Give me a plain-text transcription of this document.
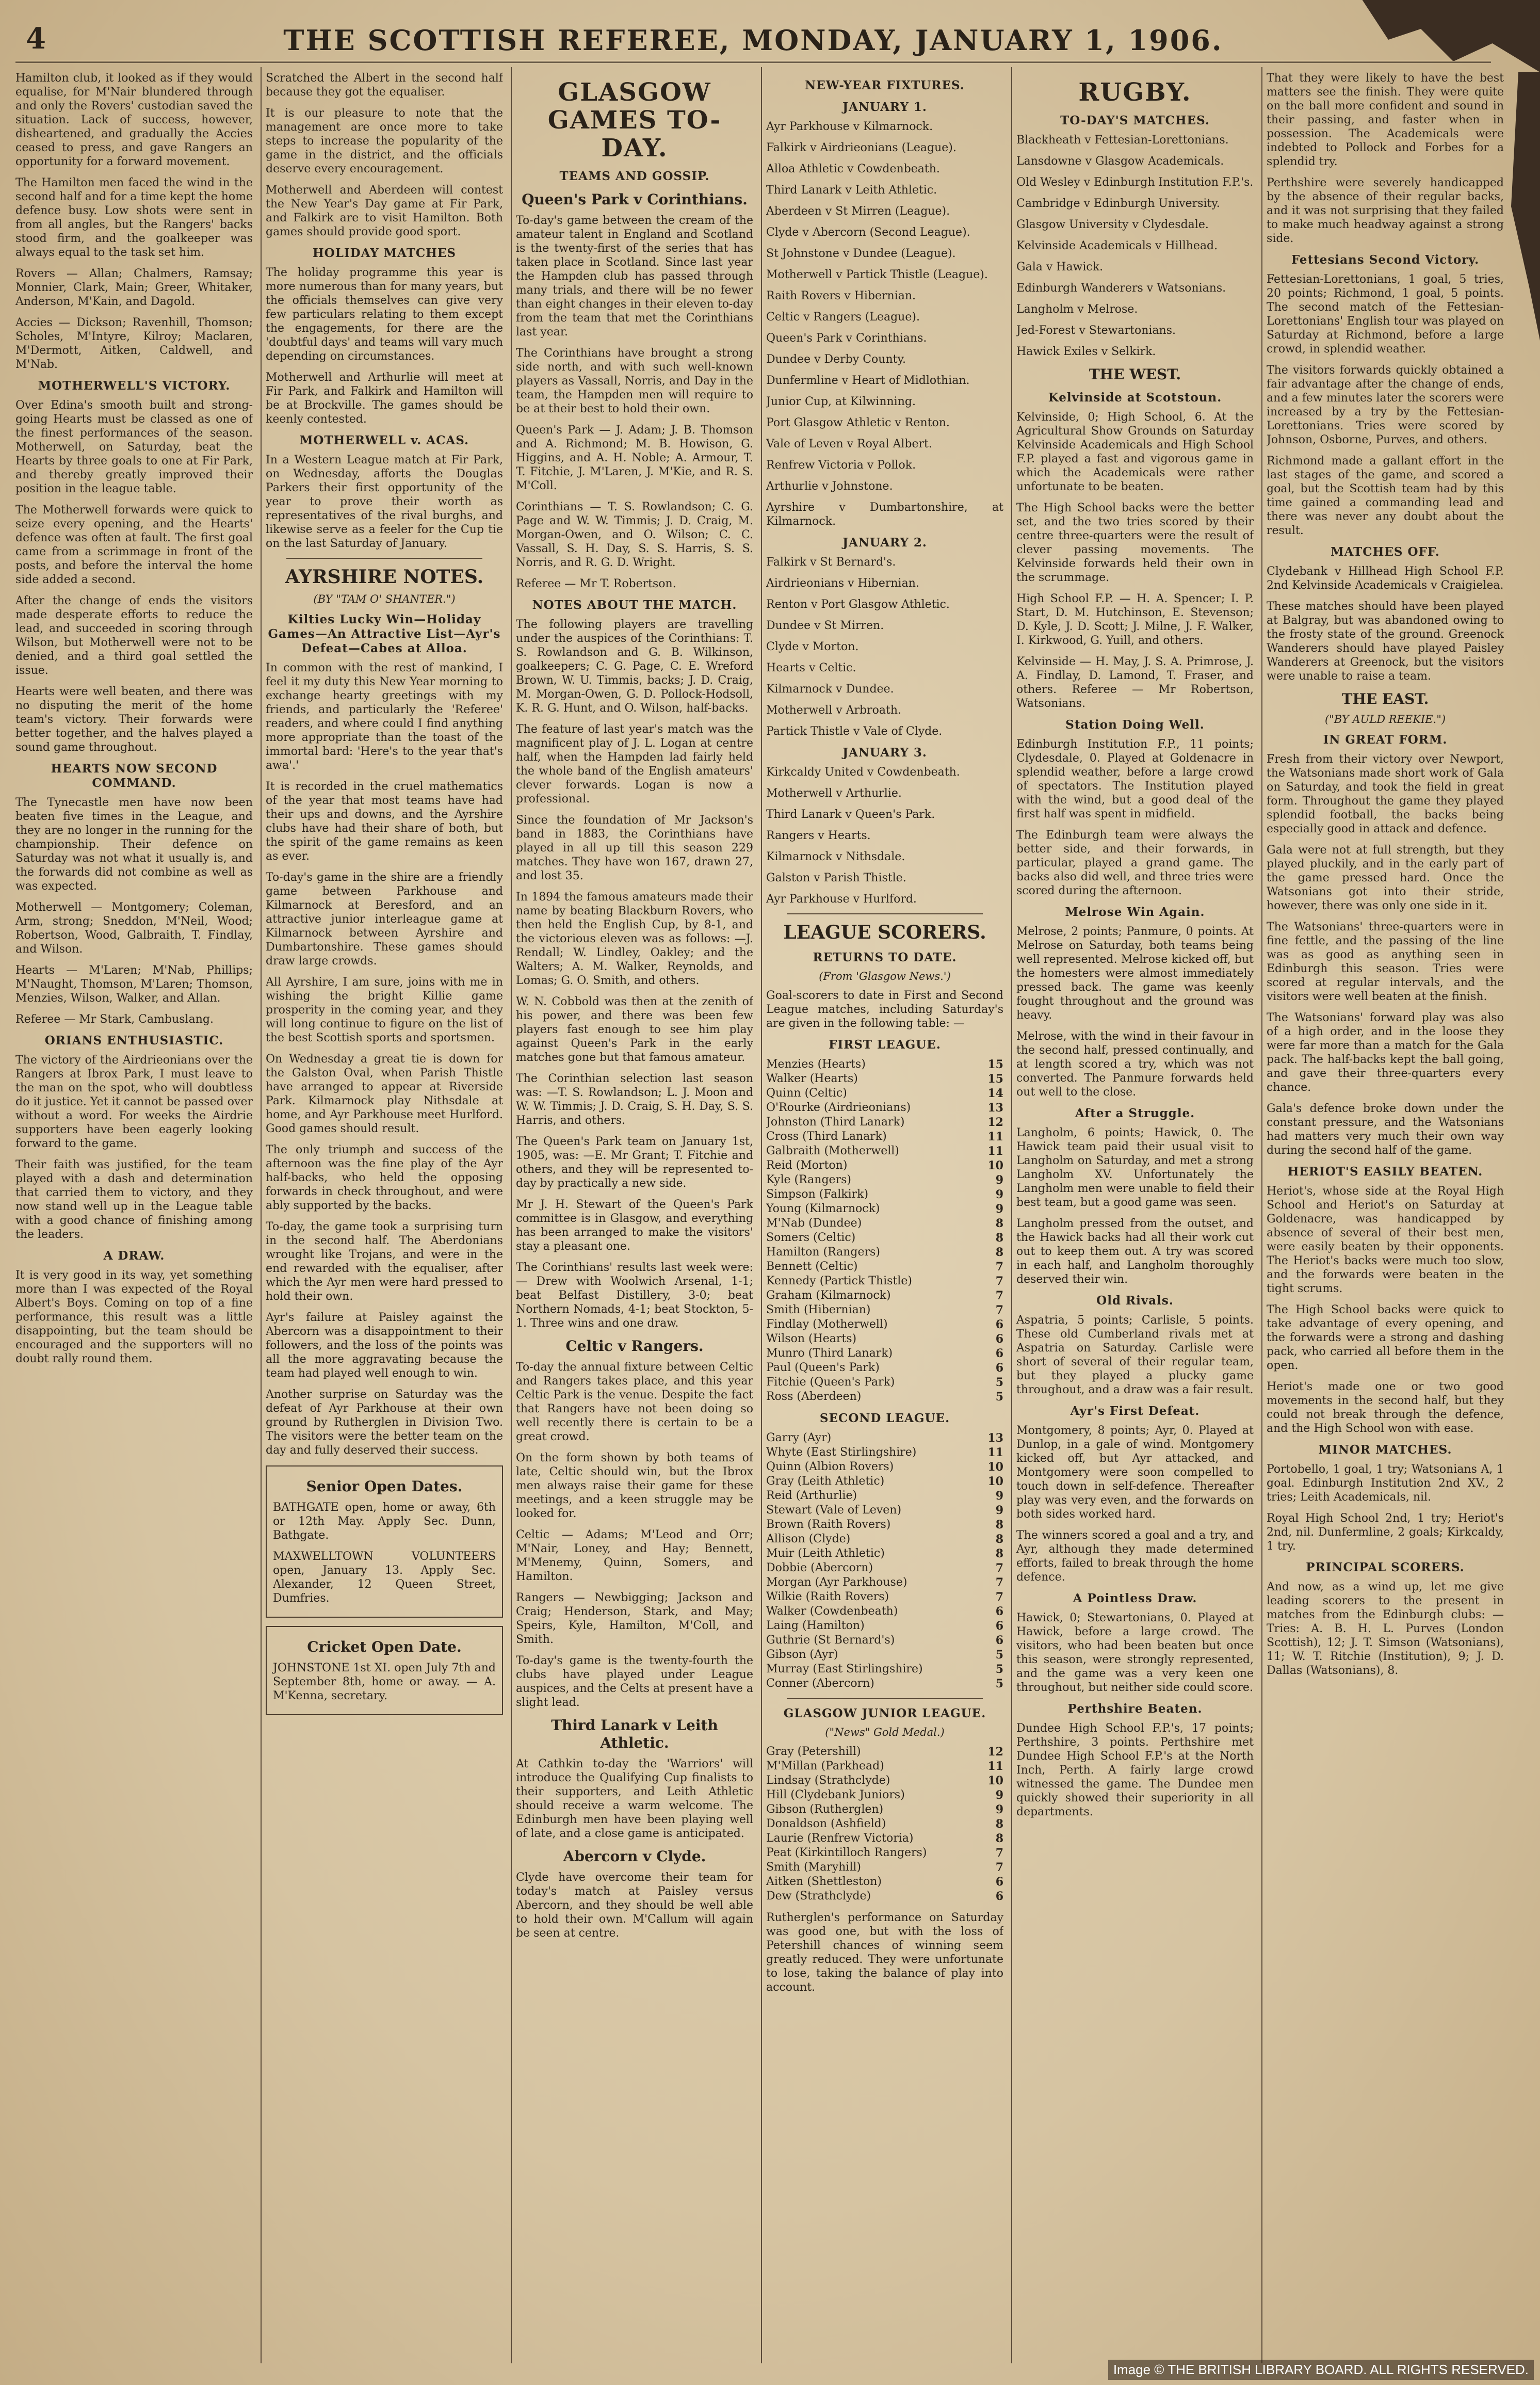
4	THE SCOTTISH REFEREE, MONDAY, JANUARY 1, 1906.

Hamilton club, it looked as if they would equalise, for M'Nair blundered through and only the Rovers' custodian saved the situation. Lack of success, however, disheartened, and gradually the Accies ceased to press, and gave Rangers an opportunity for a forward movement.

The Hamilton men faced the wind in the second half and for a time kept the home defence busy. Low shots were sent in from all angles, but the Rangers' backs stood firm, and the goalkeeper was always equal to the task set him.

Rovers — Allan; Chalmers, Ramsay; Monnier, Clark, Main; Greer, Whitaker, Anderson, M'Kain, and Dagold.

Accies — Dickson; Ravenhill, Thomson; Scholes, M'Intyre, Kilroy; Maclaren, M'Dermott, Aitken, Caldwell, and M'Nab.

MOTHERWELL'S VICTORY.

Over Edina's smooth built and strong-going Hearts must be classed as one of the finest performances of the season. Motherwell, on Saturday, beat the Hearts by three goals to one at Fir Park, and thereby greatly improved their position in the league table.

The Motherwell forwards were quick to seize every opening, and the Hearts' defence was often at fault. The first goal came from a scrimmage in front of the posts, and before the interval the home side added a second.

After the change of ends the visitors made desperate efforts to reduce the lead, and succeeded in scoring through Wilson, but Motherwell were not to be denied, and a third goal settled the issue.

Hearts were well beaten, and there was no disputing the merit of the home team's victory. Their forwards were better together, and the halves played a sound game throughout.

HEARTS NOW SECOND COMMAND.

The Tynecastle men have now been beaten five times in the League, and they are no longer in the running for the championship. Their defence on Saturday was not what it usually is, and the forwards did not combine as well as was expected.

Motherwell — Montgomery; Coleman, Arm, strong; Sneddon, M'Neil, Wood; Robertson, Wood, Galbraith, T. Findlay, and Wilson.

Hearts — M'Laren; M'Nab, Phillips; M'Naught, Thomson, M'Laren; Thomson, Menzies, Wilson, Walker, and Allan.

Referee — Mr Stark, Cambuslang.

ORIANS ENTHUSIASTIC.

The victory of the Airdrieonians over the Rangers at Ibrox Park, I must leave to the man on the spot, who will doubtless do it justice. Yet it cannot be passed over without a word. For weeks the Airdrie supporters have been eagerly looking forward to the game.

Their faith was justified, for the team played with a dash and determination that carried them to victory, and they now stand well up in the League table with a good chance of finishing among the leaders.

A DRAW.

It is very good in its way, yet something more than I was expected of the Royal Albert's Boys. Coming on top of a fine performance, this result was a little disappointing, but the team should be encouraged and the supporters will no doubt rally round them.

Scratched the Albert in the second half because they got the equaliser.

It is our pleasure to note that the management are once more to take steps to increase the popularity of the game in the district, and the officials deserve every encouragement.

Motherwell and Aberdeen will contest the New Year's Day game at Fir Park, and Falkirk are to visit Hamilton. Both games should provide good sport.

HOLIDAY MATCHES

The holiday programme this year is more numerous than for many years, but the officials themselves can give very few particulars relating to them except the engagements, for there are the 'doubtful days' and teams will vary much depending on circumstances.

Motherwell and Arthurlie will meet at Fir Park, and Falkirk and Hamilton will be at Brockville. The games should be keenly contested.

MOTHERWELL v. ACAS.

In a Western League match at Fir Park, on Wednesday, afforts the Douglas Parkers their first opportunity of the year to prove their worth as representatives of the rival burghs, and likewise serve as a feeler for the Cup tie on the last Saturday of January.

AYRSHIRE NOTES.
(BY "TAM O' SHANTER.")
Kilties Lucky Win—Holiday Games—An Attractive List—Ayr's Defeat—Cabes at Alloa.

In common with the rest of mankind, I feel it my duty this New Year morning to exchange hearty greetings with my friends, and particularly the 'Referee' readers, and where could I find anything more appropriate than the toast of the immortal bard: 'Here's to the year that's awa'.'

It is recorded in the cruel mathematics of the year that most teams have had their ups and downs, and the Ayrshire clubs have had their share of both, but the spirit of the game remains as keen as ever.

To-day's game in the shire are a friendly game between Parkhouse and Kilmarnock at Beresford, and an attractive junior interleague game at Kilmarnock between Ayrshire and Dumbartonshire. These games should draw large crowds.

All Ayrshire, I am sure, joins with me in wishing the bright Killie game prosperity in the coming year, and they will long continue to figure on the list of the best Scottish sports and sportsmen.

On Wednesday a great tie is down for the Galston Oval, when Parish Thistle have arranged to appear at Riverside Park. Kilmarnock play Nithsdale at home, and Ayr Parkhouse meet Hurlford. Good games should result.

The only triumph and success of the afternoon was the fine play of the Ayr half-backs, who held the opposing forwards in check throughout, and were ably supported by the backs.

To-day, the game took a surprising turn in the second half. The Aberdonians wrought like Trojans, and were in the end rewarded with the equaliser, after which the Ayr men were hard pressed to hold their own.

Ayr's failure at Paisley against the Abercorn was a disappointment to their followers, and the loss of the points was all the more aggravating because the team had played well enough to win.

Another surprise on Saturday was the defeat of Ayr Parkhouse at their own ground by Rutherglen in Division Two. The visitors were the better team on the day and fully deserved their success.

Senior Open Dates.

BATHGATE open, home or away, 6th or 12th May. Apply Sec. Dunn, Bathgate.

MAXWELLTOWN VOLUNTEERS open, January 13. Apply Sec. Alexander, 12 Queen Street, Dumfries.

Cricket Open Date.

JOHNSTONE 1st XI. open July 7th and September 8th, home or away. — A. M'Kenna, secretary.

GLASGOW GAMES TO-DAY.
TEAMS AND GOSSIP.
Queen's Park v Corinthians.

To-day's game between the cream of the amateur talent in England and Scotland is the twenty-first of the series that has taken place in Scotland. Since last year the Hampden club has passed through many trials, and there will be no fewer than eight changes in their eleven to-day from the team that met the Corinthians last year.

The Corinthians have brought a strong side north, and with such well-known players as Vassall, Norris, and Day in the team, the Hampden men will require to be at their best to hold their own.

Queen's Park — J. Adam; J. B. Thomson and A. Richmond; M. B. Howison, G. Higgins, and A. H. Noble; A. Armour, T. T. Fitchie, J. M'Laren, J. M'Kie, and R. S. M'Coll.

Corinthians — T. S. Rowlandson; C. G. Page and W. W. Timmis; J. D. Craig, M. Morgan-Owen, and O. Wilson; C. C. Vassall, S. H. Day, S. S. Harris, S. S. Norris, and R. G. D. Wright.

Referee — Mr T. Robertson.

NOTES ABOUT THE MATCH.

The following players are travelling under the auspices of the Corinthians: T. S. Rowlandson and G. B. Wilkinson, goalkeepers; C. G. Page, C. E. Wreford Brown, W. U. Timmis, backs; J. D. Craig, M. Morgan-Owen, G. D. Pollock-Hodsoll, K. R. G. Hunt, and O. Wilson, half-backs.

The feature of last year's match was the magnificent play of J. L. Logan at centre half, when the Hampden lad fairly held the whole band of the English amateurs' clever forwards. Logan is now a professional.

Since the foundation of Mr Jackson's band in 1883, the Corinthians have played in all up till this season 229 matches. They have won 167, drawn 27, and lost 35.

In 1894 the famous amateurs made their name by beating Blackburn Rovers, who then held the English Cup, by 8-1, and the victorious eleven was as follows: —J. Rendall; W. Lindley, Oakley; and the Walters; A. M. Walker, Reynolds, and Lomas; G. O. Smith, and others.

W. N. Cobbold was then at the zenith of his power, and there was been few players fast enough to see him play against Queen's Park in the early matches gone but that famous amateur.

The Corinthian selection last season was: —T. S. Rowlandson; L. J. Moon and W. W. Timmis; J. D. Craig, S. H. Day, S. S. Harris, and others.

The Queen's Park team on January 1st, 1905, was: —E. Mr Grant; T. Fitchie and others, and they will be represented to-day by practically a new side.

Mr J. H. Stewart of the Queen's Park committee is in Glasgow, and everything has been arranged to make the visitors' stay a pleasant one.

The Corinthians' results last week were: — Drew with Woolwich Arsenal, 1-1; beat Belfast Distillery, 3-0; beat Northern Nomads, 4-1; beat Stockton, 5-1. Three wins and one draw.

Celtic v Rangers.

To-day the annual fixture between Celtic and Rangers takes place, and this year Celtic Park is the venue. Despite the fact that Rangers have not been doing so well recently there is certain to be a great crowd.

On the form shown by both teams of late, Celtic should win, but the Ibrox men always raise their game for these meetings, and a keen struggle may be looked for.

Celtic — Adams; M'Leod and Orr; M'Nair, Loney, and Hay; Bennett, M'Menemy, Quinn, Somers, and Hamilton.

Rangers — Newbigging; Jackson and Craig; Henderson, Stark, and May; Speirs, Kyle, Hamilton, M'Coll, and Smith.

To-day's game is the twenty-fourth the clubs have played under League auspices, and the Celts at present have a slight lead.

Third Lanark v Leith Athletic.

At Cathkin to-day the 'Warriors' will introduce the Qualifying Cup finalists to their supporters, and Leith Athletic should receive a warm welcome. The Edinburgh men have been playing well of late, and a close game is anticipated.

Abercorn v Clyde.

Clyde have overcome their team for today's match at Paisley versus Abercorn, and they should be well able to hold their own. M'Callum will again be seen at centre.

NEW-YEAR FIXTURES.
JANUARY 1.

Ayr Parkhouse v Kilmarnock.

Falkirk v Airdrieonians (League).

Alloa Athletic v Cowdenbeath.

Third Lanark v Leith Athletic.

Aberdeen v St Mirren (League).

Clyde v Abercorn (Second League).

St Johnstone v Dundee (League).

Motherwell v Partick Thistle (League).

Raith Rovers v Hibernian.

Celtic v Rangers (League).

Queen's Park v Corinthians.

Dundee v Derby County.

Dunfermline v Heart of Midlothian.

Junior Cup, at Kilwinning.

Port Glasgow Athletic v Renton.

Vale of Leven v Royal Albert.

Renfrew Victoria v Pollok.

Arthurlie v Johnstone.

Ayrshire v Dumbartonshire, at Kilmarnock.

JANUARY 2.

Falkirk v St Bernard's.

Airdrieonians v Hibernian.

Renton v Port Glasgow Athletic.

Dundee v St Mirren.

Clyde v Morton.

Hearts v Celtic.

Kilmarnock v Dundee.

Motherwell v Arbroath.

Partick Thistle v Vale of Clyde.

JANUARY 3.

Kirkcaldy United v Cowdenbeath.

Motherwell v Arthurlie.

Third Lanark v Queen's Park.

Rangers v Hearts.

Kilmarnock v Nithsdale.

Galston v Parish Thistle.

Ayr Parkhouse v Hurlford.

LEAGUE SCORERS.
RETURNS TO DATE.
(From 'Glasgow News.')

Goal-scorers to date in First and Second League matches, including Saturday's are given in the following table: —

FIRST LEAGUE.
Menzies (Hearts)	15
Walker (Hearts)	15
Quinn (Celtic)	14
O'Rourke (Airdrieonians)	13
Johnston (Third Lanark)	12
Cross (Third Lanark)	11
Galbraith (Motherwell)	11
Reid (Morton)	10
Kyle (Rangers)	9
Simpson (Falkirk)	9
Young (Kilmarnock)	9
M'Nab (Dundee)	8
Somers (Celtic)	8
Hamilton (Rangers)	8
Bennett (Celtic)	7
Kennedy (Partick Thistle)	7
Graham (Kilmarnock)	7
Smith (Hibernian)	7
Findlay (Motherwell)	6
Wilson (Hearts)	6
Munro (Third Lanark)	6
Paul (Queen's Park)	6
Fitchie (Queen's Park)	5
Ross (Aberdeen)	5
SECOND LEAGUE.
Garry (Ayr)	13
Whyte (East Stirlingshire)	11
Quinn (Albion Rovers)	10
Gray (Leith Athletic)	10
Reid (Arthurlie)	9
Stewart (Vale of Leven)	9
Brown (Raith Rovers)	8
Allison (Clyde)	8
Muir (Leith Athletic)	8
Dobbie (Abercorn)	7
Morgan (Ayr Parkhouse)	7
Wilkie (Raith Rovers)	7
Walker (Cowdenbeath)	6
Laing (Hamilton)	6
Guthrie (St Bernard's)	6
Gibson (Ayr)	5
Murray (East Stirlingshire)	5
Conner (Abercorn)	5
GLASGOW JUNIOR LEAGUE.
("News" Gold Medal.)
Gray (Petershill)	12
M'Millan (Parkhead)	11
Lindsay (Strathclyde)	10
Hill (Clydebank Juniors)	9
Gibson (Rutherglen)	9
Donaldson (Ashfield)	8
Laurie (Renfrew Victoria)	8
Peat (Kirkintilloch Rangers)	7
Smith (Maryhill)	7
Aitken (Shettleston)	6
Dew (Strathclyde)	6

Rutherglen's performance on Saturday was good one, but with the loss of Petershill chances of winning seem greatly reduced. They were unfortunate to lose, taking the balance of play into account.

RUGBY.
TO-DAY'S MATCHES.

Blackheath v Fettesian-Lorettonians.

Lansdowne v Glasgow Academicals.

Old Wesley v Edinburgh Institution F.P.'s.

Cambridge v Edinburgh University.

Glasgow University v Clydesdale.

Kelvinside Academicals v Hillhead.

Gala v Hawick.

Edinburgh Wanderers v Watsonians.

Langholm v Melrose.

Jed-Forest v Stewartonians.

Hawick Exiles v Selkirk.

THE WEST.
Kelvinside at Scotstoun.

Kelvinside, 0; High School, 6. At the Agricultural Show Grounds on Saturday Kelvinside Academicals and High School F.P. played a fast and vigorous game in which the Academicals were rather unfortunate to be beaten.

The High School backs were the better set, and the two tries scored by their centre three-quarters were the result of clever passing movements. The Kelvinside forwards held their own in the scrummage.

High School F.P. — H. A. Spencer; I. P. Start, D. M. Hutchinson, E. Stevenson; D. Kyle, J. D. Scott; J. Milne, J. F. Walker, I. Kirkwood, G. Yuill, and others.

Kelvinside — H. May, J. S. A. Primrose, J. A. Findlay, D. Lamond, T. Fraser, and others. Referee — Mr Robertson, Watsonians.

Station Doing Well.

Edinburgh Institution F.P., 11 points; Clydesdale, 0. Played at Goldenacre in splendid weather, before a large crowd of spectators. The Institution played with the wind, but a good deal of the first half was spent in midfield.

The Edinburgh team were always the better side, and their forwards, in particular, played a grand game. The backs also did well, and three tries were scored during the afternoon.

Melrose Win Again.

Melrose, 2 points; Panmure, 0 points. At Melrose on Saturday, both teams being well represented. Melrose kicked off, but the homesters were almost immediately pressed back. The game was keenly fought throughout and the ground was heavy.

Melrose, with the wind in their favour in the second half, pressed continually, and at length scored a try, which was not converted. The Panmure forwards held out well to the close.

After a Struggle.

Langholm, 6 points; Hawick, 0. The Hawick team paid their usual visit to Langholm on Saturday, and met a strong Langholm XV. Unfortunately the Langholm men were unable to field their best team, but a good game was seen.

Langholm pressed from the outset, and the Hawick backs had all their work cut out to keep them out. A try was scored in each half, and Langholm thoroughly deserved their win.

Old Rivals.

Aspatria, 5 points; Carlisle, 5 points. These old Cumberland rivals met at Aspatria on Saturday. Carlisle were short of several of their regular team, but they played a plucky game throughout, and a draw was a fair result.

Ayr's First Defeat.

Montgomery, 8 points; Ayr, 0. Played at Dunlop, in a gale of wind. Montgomery kicked off, but Ayr attacked, and Montgomery were soon compelled to touch down in self-defence. Thereafter play was very even, and the forwards on both sides worked hard.

The winners scored a goal and a try, and Ayr, although they made determined efforts, failed to break through the home defence.

A Pointless Draw.

Hawick, 0; Stewartonians, 0. Played at Hawick, before a large crowd. The visitors, who had been beaten but once this season, were strongly represented, and the game was a very keen one throughout, but neither side could score.

Perthshire Beaten.

Dundee High School F.P.'s, 17 points; Perthshire, 3 points. Perthshire met Dundee High School F.P.'s at the North Inch, Perth. A fairly large crowd witnessed the game. The Dundee men quickly showed their superiority in all departments.

That they were likely to have the best matters see the finish. They were quite on the ball more confident and sound in their passing, and faster when in possession. The Academicals were indebted to Pollock and Forbes for a splendid try.

Perthshire were severely handicapped by the absence of their regular backs, and it was not surprising that they failed to make much headway against a strong side.

Fettesians Second Victory.

Fettesian-Lorettonians, 1 goal, 5 tries, 20 points; Richmond, 1 goal, 5 points. The second match of the Fettesian-Lorettonians' English tour was played on Saturday at Richmond, before a large crowd, in splendid weather.

The visitors forwards quickly obtained a fair advantage after the change of ends, and a few minutes later the scorers were increased by a try by the Fettesian-Lorettonians. Tries were scored by Johnson, Osborne, Purves, and others.

Richmond made a gallant effort in the last stages of the game, and scored a goal, but the Scottish team had by this time gained a commanding lead and there was never any doubt about the result.

MATCHES OFF.

Clydebank v Hillhead High School F.P. 2nd Kelvinside Academicals v Craigielea.

These matches should have been played at Balgray, but was abandoned owing to the frosty state of the ground. Greenock Wanderers should have played Paisley Wanderers at Greenock, but the visitors were unable to raise a team.

THE EAST.
("BY AULD REEKIE.")
IN GREAT FORM.

Fresh from their victory over Newport, the Watsonians made short work of Gala on Saturday, and took the field in great form. Throughout the game they played splendid football, the backs being especially good in attack and defence.

Gala were not at full strength, but they played pluckily, and in the early part of the game pressed hard. Once the Watsonians got into their stride, however, there was only one side in it.

The Watsonians' three-quarters were in fine fettle, and the passing of the line was as good as anything seen in Edinburgh this season. Tries were scored at regular intervals, and the visitors were well beaten at the finish.

The Watsonians' forward play was also of a high order, and in the loose they were far more than a match for the Gala pack. The half-backs kept the ball going, and gave their three-quarters every chance.

Gala's defence broke down under the constant pressure, and the Watsonians had matters very much their own way during the second half of the game.

HERIOT'S EASILY BEATEN.

Heriot's, whose side at the Royal High School and Heriot's on Saturday at Goldenacre, was handicapped by absence of several of their best men, were easily beaten by their opponents. The Heriot's backs were much too slow, and the forwards were beaten in the tight scrums.

The High School backs were quick to take advantage of every opening, and the forwards were a strong and dashing pack, who carried all before them in the open.

Heriot's made one or two good movements in the second half, but they could not break through the defence, and the High School won with ease.

MINOR MATCHES.

Portobello, 1 goal, 1 try; Watsonians A, 1 goal. Edinburgh Institution 2nd XV., 2 tries; Leith Academicals, nil.

Royal High School 2nd, 1 try; Heriot's 2nd, nil. Dunfermline, 2 goals; Kirkcaldy, 1 try.

PRINCIPAL SCORERS.

And now, as a wind up, let me give leading scorers to the present in matches from the Edinburgh clubs: — Tries: A. B. H. L. Purves (London Scottish), 12; J. T. Simson (Watsonians), 11; W. T. Ritchie (Institution), 9; J. D. Dallas (Watsonians), 8.

Image © THE BRITISH LIBRARY BOARD. ALL RIGHTS RESERVED.
